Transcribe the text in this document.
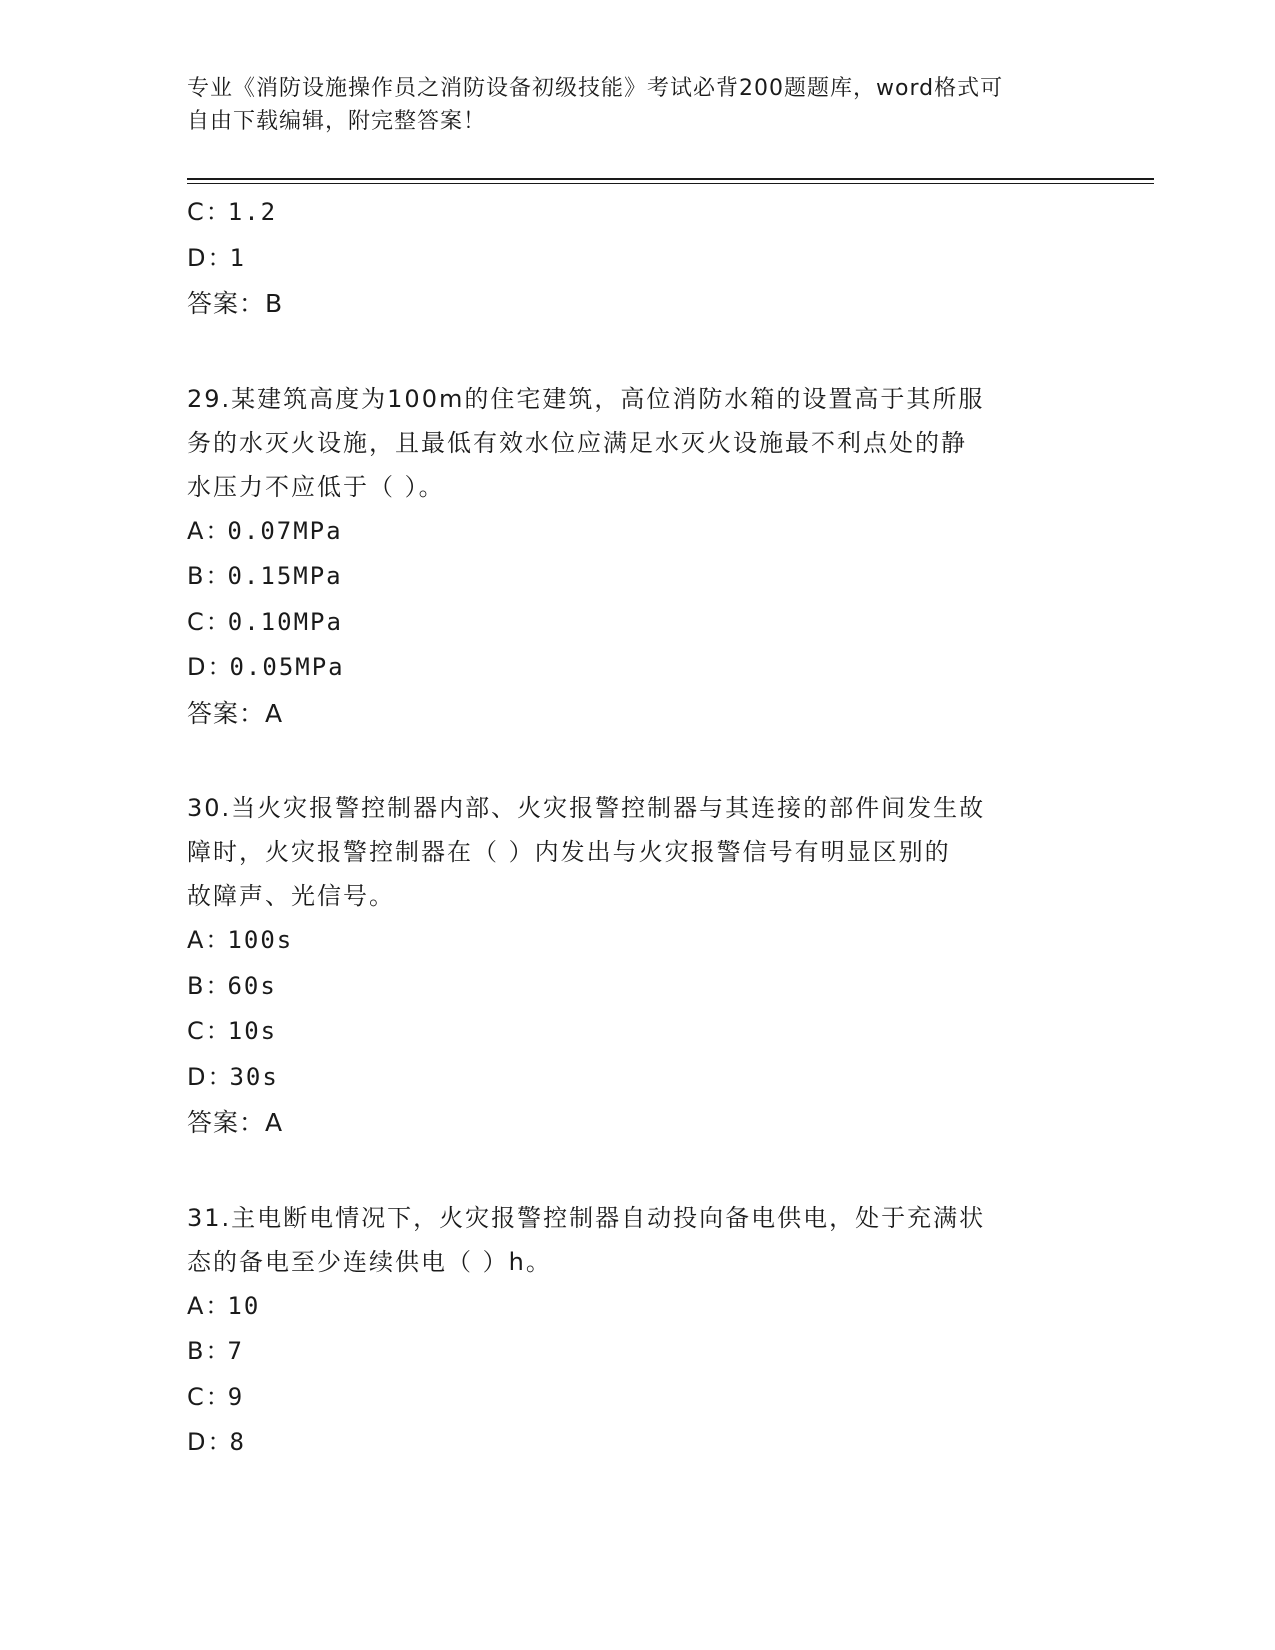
专业《消防设施操作员之消防设备初级技能》考试必背200题题库，word格式可
自由下载编辑，附完整答案！
C：1.2
D：1
答案：B
29.某建筑高度为100m的住宅建筑，高位消防水箱的设置高于其所服
务的水灭火设施，且最低有效水位应满足水灭火设施最不利点处的静
水压力不应低于（ ）。
A：0.07MPa
B：0.15MPa
C：0.10MPa
D：0.05MPa
答案：A
30.当火灾报警控制器内部、火灾报警控制器与其连接的部件间发生故
障时，火灾报警控制器在（ ）内发出与火灾报警信号有明显区别的
故障声、光信号。
A：100s
B：60s
C：10s
D：30s
答案：A
31.主电断电情况下，火灾报警控制器自动投向备电供电，处于充满状
态的备电至少连续供电（ ）h。
A：10
B：7
C：9
D：8
